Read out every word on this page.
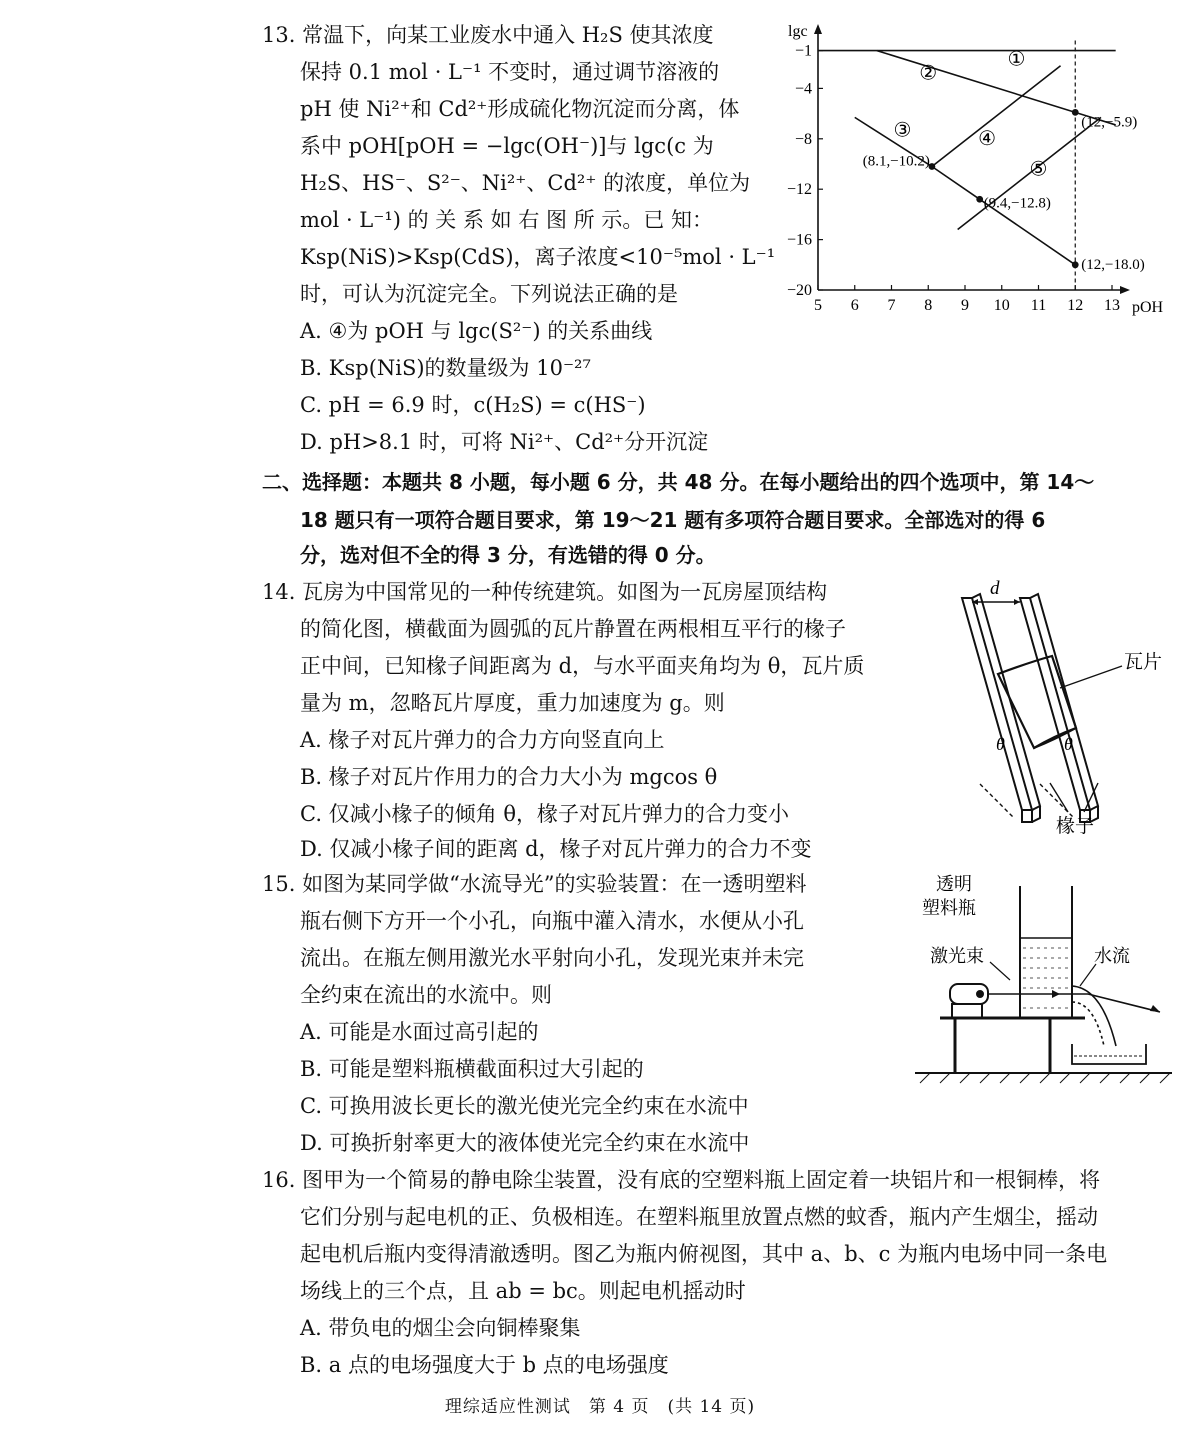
13. 常温下，向某工业废水中通入 H₂S 使其浓度
保持 0.1 mol · L⁻¹ 不变时，通过调节溶液的
pH 使 Ni²⁺和 Cd²⁺形成硫化物沉淀而分离，体
系中 pOH[pOH = −lgc(OH⁻)]与 lgc(c 为
H₂S、HS⁻、S²⁻、Ni²⁺、Cd²⁺ 的浓度，单位为
mol · L⁻¹) 的 关 系 如 右 图 所 示。已 知：
Ksp(NiS)>Ksp(CdS)，离子浓度<10⁻⁵mol · L⁻¹
时，可认为沉淀完全。下列说法正确的是
A. ④为 pOH 与 lgc(S²⁻) 的关系曲线
B. Ksp(NiS)的数量级为 10⁻²⁷
C. pH = 6.9 时，c(H₂S) = c(HS⁻)
D. pH>8.1 时，可将 Ni²⁺、Cd²⁺分开沉淀
lgc
pOH
5 6 7 8 9 10 11 12 13
−1
−4
−8
−12
−16
−20
①
②
③	④
⑤
(12,−5.9)
(8.1,−10.2)
(9.4,−12.8)
(12,−18.0)
二、选择题：本题共 8 小题，每小题 6 分，共 48 分。在每小题给出的四个选项中，第 14～
18 题只有一项符合题目要求，第 19～21 题有多项符合题目要求。全部选对的得 6
分，选对但不全的得 3 分，有选错的得 0 分。
14. 瓦房为中国常见的一种传统建筑。如图为一瓦房屋顶结构
的简化图，横截面为圆弧的瓦片静置在两根相互平行的椽子
正中间，已知椽子间距离为 d，与水平面夹角均为 θ，瓦片质
量为 m，忽略瓦片厚度，重力加速度为 g。则
A. 椽子对瓦片弹力的合力方向竖直向上
B. 椽子对瓦片作用力的合力大小为 mgcos θ
C. 仅减小椽子的倾角 θ，椽子对瓦片弹力的合力变小
D. 仅减小椽子间的距离 d，椽子对瓦片弹力的合力不变
d
瓦片
θ	θ
椽子
15. 如图为某同学做“水流导光”的实验装置：在一透明塑料
瓶右侧下方开一个小孔，向瓶中灌入清水，水便从小孔
流出。在瓶左侧用激光水平射向小孔，发现光束并未完
全约束在流出的水流中。则
A. 可能是水面过高引起的
B. 可能是塑料瓶横截面积过大引起的
C. 可换用波长更长的激光使光完全约束在水流中
D. 可换折射率更大的液体使光完全约束在水流中
透明
塑料瓶
激光束	水流
16. 图甲为一个简易的静电除尘装置，没有底的空塑料瓶上固定着一块铝片和一根铜棒，将
它们分别与起电机的正、负极相连。在塑料瓶里放置点燃的蚊香，瓶内产生烟尘，摇动
起电机后瓶内变得清澈透明。图乙为瓶内俯视图，其中 a、b、c 为瓶内电场中同一条电
场线上的三个点，且 ab = bc。则起电机摇动时
A. 带负电的烟尘会向铜棒聚集
B. a 点的电场强度大于 b 点的电场强度
理综适应性测试　第 4 页　(共 14 页)
